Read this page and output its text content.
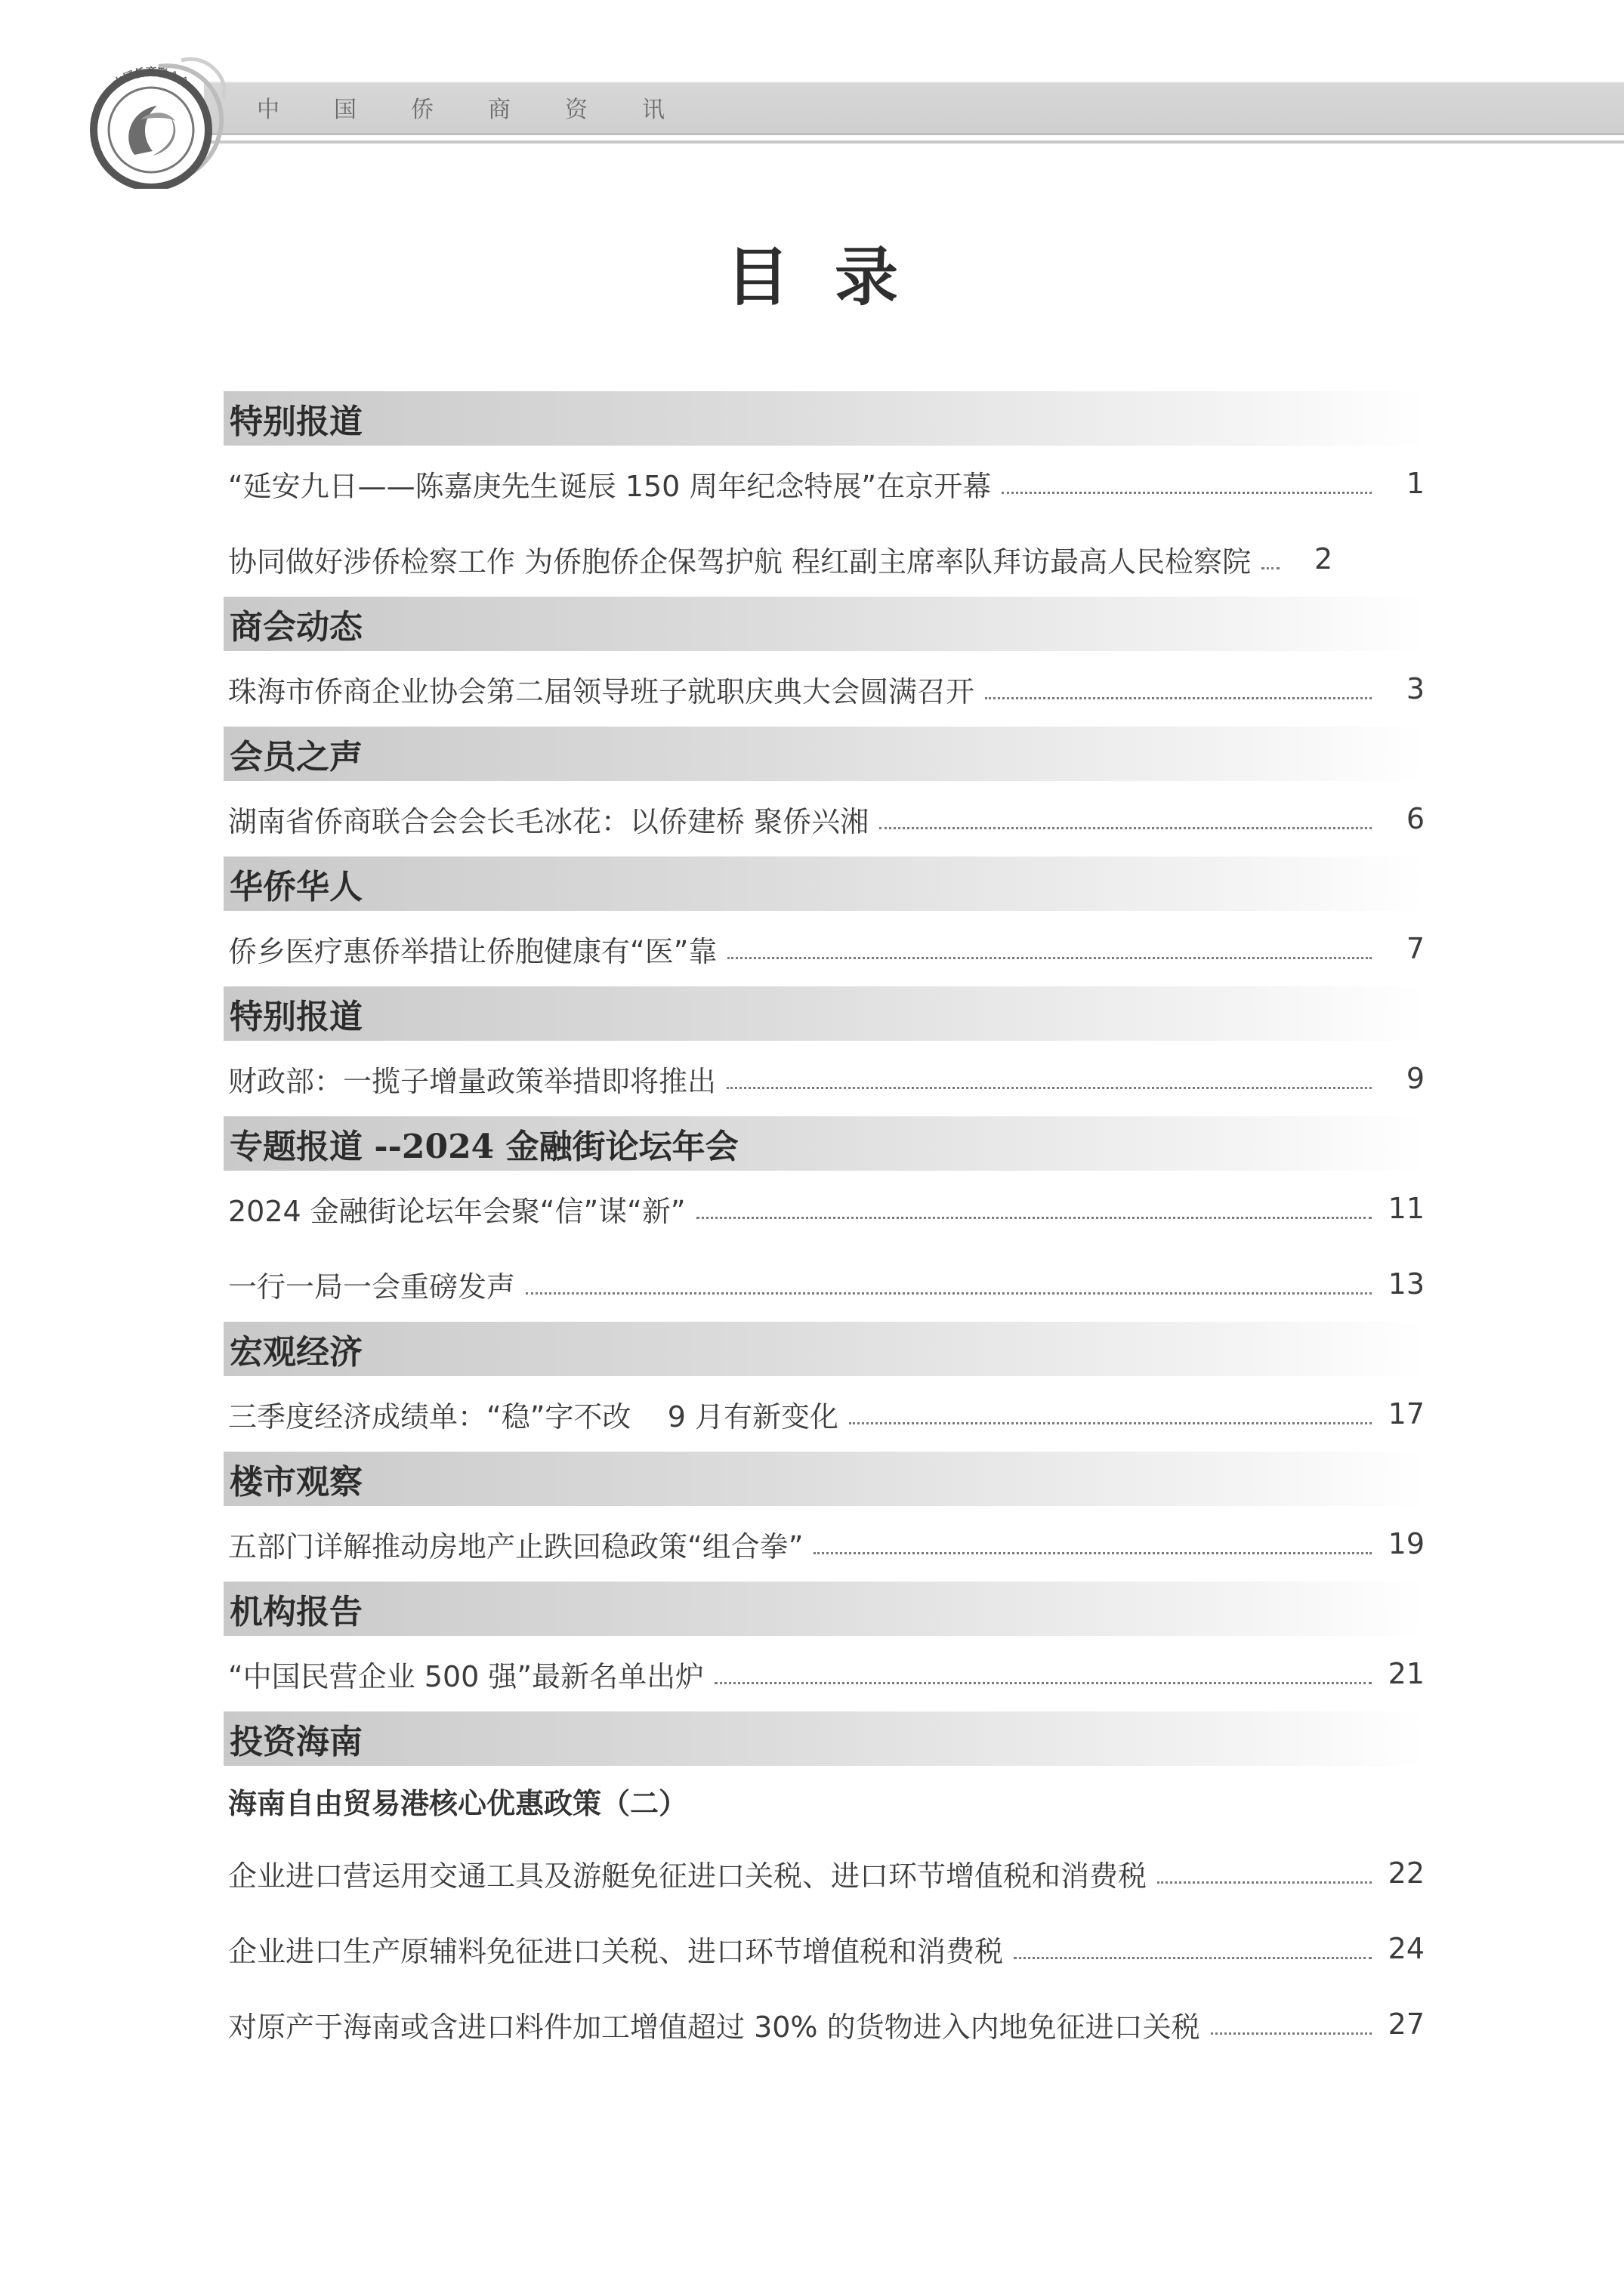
中 国 侨 商 资 讯
中国侨商联合会
目录
特别报道
“延安九日——陈嘉庚先生诞辰 150 周年纪念特展”在京开幕	1
协同做好涉侨检察工作 为侨胞侨企保驾护航 程红副主席率队拜访最高人民检察院	2
商会动态
珠海市侨商企业协会第二届领导班子就职庆典大会圆满召开	3
会员之声
湖南省侨商联合会会长毛冰花：以侨建桥 聚侨兴湘	6
华侨华人
侨乡医疗惠侨举措让侨胞健康有“医”靠	7
特别报道
财政部：一揽子增量政策举措即将推出	9
专题报道 --2024 金融街论坛年会
2024 金融街论坛年会聚“信”谋“新”	11
一行一局一会重磅发声	13
宏观经济
三季度经济成绩单：“稳”字不改    9 月有新变化	17
楼市观察
五部门详解推动房地产止跌回稳政策“组合拳”	19
机构报告
“中国民营企业 500 强”最新名单出炉	21
投资海南
海南自由贸易港核心优惠政策（二）
企业进口营运用交通工具及游艇免征进口关税、进口环节增值税和消费税	22
企业进口生产原辅料免征进口关税、进口环节增值税和消费税	24
对原产于海南或含进口料件加工增值超过 30% 的货物进入内地免征进口关税	27
